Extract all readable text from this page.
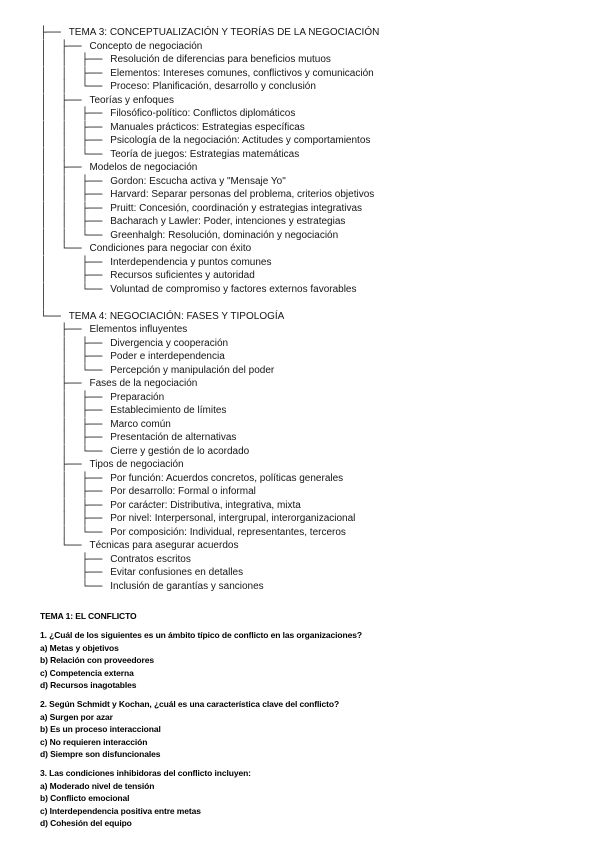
├── TEMA 3: CONCEPTUALIZACIÓN Y TEORÍAS DE LA NEGOCIACIÓN
│  ├── Concepto de negociación
│  │  ├── Resolución de diferencias para beneficios mutuos
│  │  ├── Elementos: Intereses comunes, conflictivos y comunicación
│  │  └── Proceso: Planificación, desarrollo y conclusión
│  ├── Teorías y enfoques
│  │  ├── Filosófico-político: Conflictos diplomáticos
│  │  ├── Manuales prácticos: Estrategias específicas
│  │  ├── Psicología de la negociación: Actitudes y comportamientos
│  │  └── Teoría de juegos: Estrategias matemáticas
│  ├── Modelos de negociación
│  │  ├── Gordon: Escucha activa y "Mensaje Yo"
│  │  ├── Harvard: Separar personas del problema, criterios objetivos
│  │  ├── Pruitt: Concesión, coordinación y estrategias integrativas
│  │  ├── Bacharach y Lawler: Poder, intenciones y estrategias
│  │  └── Greenhalgh: Resolución, dominación y negociación
│  └── Condiciones para negociar con éxito
│     ├── Interdependencia y puntos comunes
│     ├── Recursos suficientes y autoridad
│     └── Voluntad de compromiso y factores externos favorables
│
└── TEMA 4: NEGOCIACIÓN: FASES Y TIPOLOGÍA
├── Elementos influyentes
│  ├── Divergencia y cooperación
│  ├── Poder e interdependencia
│  └── Percepción y manipulación del poder
├── Fases de la negociación
│  ├── Preparación
│  ├── Establecimiento de límites
│  ├── Marco común
│  ├── Presentación de alternativas
│  └── Cierre y gestión de lo acordado
├── Tipos de negociación
│  ├── Por función: Acuerdos concretos, políticas generales
│  ├── Por desarrollo: Formal o informal
│  ├── Por carácter: Distributiva, integrativa, mixta
│  ├── Por nivel: Interpersonal, intergrupal, interorganizacional
│  └── Por composición: Individual, representantes, terceros
└── Técnicas para asegurar acuerdos
├── Contratos escritos
├── Evitar confusiones en detalles
└── Inclusión de garantías y sanciones
TEMA 1: EL CONFLICTO
1. ¿Cuál de los siguientes es un ámbito típico de conflicto en las organizaciones?
a) Metas y objetivos
b) Relación con proveedores
c) Competencia externa
d) Recursos inagotables
2. Según Schmidt y Kochan, ¿cuál es una característica clave del conflicto?
a) Surgen por azar
b) Es un proceso interaccional
c) No requieren interacción
d) Siempre son disfuncionales
3. Las condiciones inhibidoras del conflicto incluyen:
a) Moderado nivel de tensión
b) Conflicto emocional
c) Interdependencia positiva entre metas
d) Cohesión del equipo
